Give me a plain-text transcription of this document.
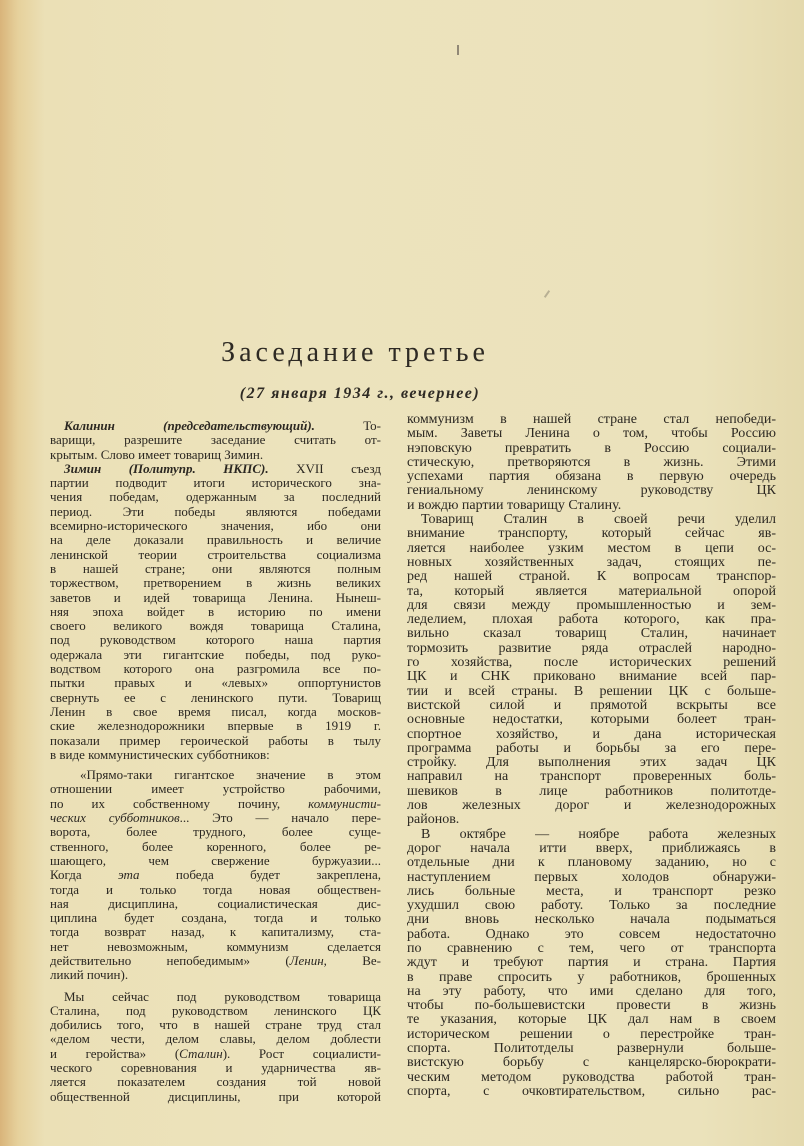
Заседание третье
(27 января 1934 г., вечернее)
Калинин (председательствующий). То-
варищи, разрешите заседание считать от-
крытым. Слово имеет товарищ Зимин.
Зимин (Политупр. НКПС). XVII съезд
партии подводит итоги исторического зна-
чения победам, одержанным за последний
период. Эти победы являются победами
всемирно-исторического значения, ибо они
на деле доказали правильность и величие
ленинской теории строительства социализма
в нашей стране; они являются полным
торжеством, претворением в жизнь великих
заветов и идей товарища Ленина. Нынеш-
няя эпоха войдет в историю по имени
своего великого вождя товарища Сталина,
под руководством которого наша партия
одержала эти гигантские победы, под руко-
водством которого она разгромила все по-
пытки правых и «левых» оппортунистов
свернуть ее с ленинского пути. Товарищ
Ленин в свое время писал, когда москов-
ские железнодорожники впервые в 1919 г.
показали пример героической работы в тылу
в виде коммунистических субботников:
«Прямо-таки гигантское значение в этом
отношении имеет устройство рабочими,
по их собственному почину, коммунисти-
ческих субботников... Это — начало пере-
ворота, более трудного, более суще-
ственного, более коренного, более ре-
шающего, чем свержение буржуазии...
Когда эта победа будет закреплена,
тогда и только тогда новая обществен-
ная дисциплина, социалистическая дис-
циплина будет создана, тогда и только
тогда возврат назад, к капитализму, ста-
нет невозможным, коммунизм сделается
действительно непобедимым» (Ленин, Ве-
ликий почин).
Мы сейчас под руководством товарища
Сталина, под руководством ленинского ЦК
добились того, что в нашей стране труд стал
«делом чести, делом славы, делом доблести
и геройства» (Сталин). Рост социалисти-
ческого соревнования и ударничества яв-
ляется показателем создания той новой
общественной дисциплины, при которой
коммунизм в нашей стране стал непобеди-
мым. Заветы Ленина о том, чтобы Россию
нэповскую превратить в Россию социали-
стическую, претворяются в жизнь. Этими
успехами партия обязана в первую очередь
гениальному ленинскому руководству ЦК
и вождю партии товарищу Сталину.
Товарищ Сталин в своей речи уделил
внимание транспорту, который сейчас яв-
ляется наиболее узким местом в цепи ос-
новных хозяйственных задач, стоящих пе-
ред нашей страной. К вопросам транспор-
та, который является материальной опорой
для связи между промышленностью и зем-
леделием, плохая работа которого, как пра-
вильно сказал товарищ Сталин, начинает
тормозить развитие ряда отраслей народно-
го хозяйства, после исторических решений
ЦК и СНК приковано внимание всей пар-
тии и всей страны. В решении ЦК с больше-
вистской силой и прямотой вскрыты все
основные недостатки, которыми болеет тран-
спортное хозяйство, и дана историческая
программа работы и борьбы за его пере-
стройку. Для выполнения этих задач ЦК
направил на транспорт проверенных боль-
шевиков в лице работников политотде-
лов железных дорог и железнодорожных
районов.
В октябре — ноябре работа железных
дорог начала итти вверх, приближаясь в
отдельные дни к плановому заданию, но с
наступлением первых холодов обнаружи-
лись больные места, и транспорт резко
ухудшил свою работу. Только за последние
дни вновь несколько начала подыматься
работа. Однако это совсем недостаточно
по сравнению с тем, чего от транспорта
ждут и требуют партия и страна. Партия
в праве спросить у работников, брошенных
на эту работу, что ими сделано для того,
чтобы по-большевистски провести в жизнь
те указания, которые ЦК дал нам в своем
историческом решении о перестройке тран-
спорта. Политотделы развернули больше-
вистскую борьбу с канцелярско-бюрократи-
ческим методом руководства работой тран-
спорта, с очковтирательством, сильно рас-
